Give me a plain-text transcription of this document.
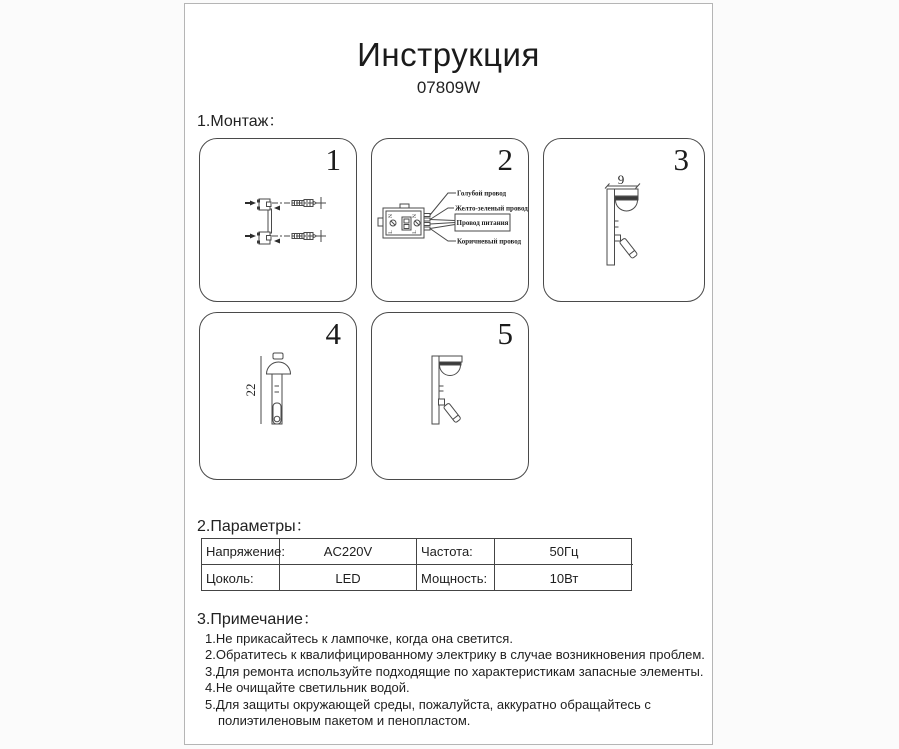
Инструкция
07809W
1.Монтаж：
1	2
N
L
N
L
Голубой провод
Желто-зеленый провод
Провод питания
Коричневый провод
3
9
2.Параметры：
4
22
5
Напряжение:	AC220V	Частота:	50Гц
Цоколь:	LED	Мощность:	10Вт
3.Примечание：
1.Не прикасайтесь к лампочке, когда она светится.
2.Обратитесь к квалифицированному электрику в случае возникновения проблем.
3.Для ремонта используйте подходящие по характеристикам запасные элементы.
4.Не очищайте светильник водой.
5.Для защиты окружающей среды, пожалуйста, аккуратно обращайтесь с
полиэтиленовым пакетом и пенопластом.
